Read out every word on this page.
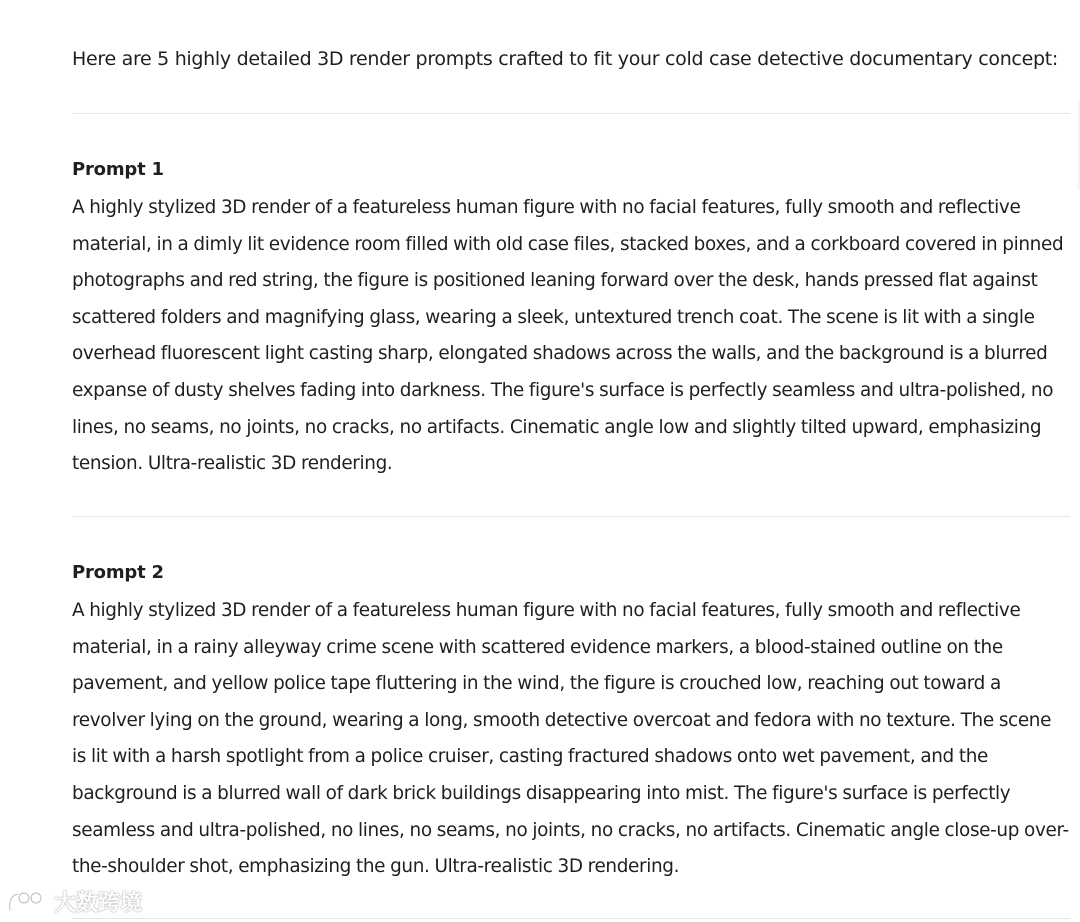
Here are 5 highly detailed 3D render prompts crafted to fit your cold case detective documentary concept:

Prompt 1

A highly stylized 3D render of a featureless human figure with no facial features, fully smooth and reflective material, in a dimly lit evidence room filled with old case files, stacked boxes, and a corkboard covered in pinned photographs and red string, the figure is positioned leaning forward over the desk, hands pressed flat against scattered folders and magnifying glass, wearing a sleek, untextured trench coat. The scene is lit with a single overhead fluorescent light casting sharp, elongated shadows across the walls, and the background is a blurred expanse of dusty shelves fading into darkness. The figure's surface is perfectly seamless and ultra-polished, no lines, no seams, no joints, no cracks, no artifacts. Cinematic angle low and slightly tilted upward, emphasizing tension. Ultra-realistic 3D rendering.

Prompt 2

A highly stylized 3D render of a featureless human figure with no facial features, fully smooth and reflective material, in a rainy alleyway crime scene with scattered evidence markers, a blood-stained outline on the pavement, and yellow police tape fluttering in the wind, the figure is crouched low, reaching out toward a revolver lying on the ground, wearing a long, smooth detective overcoat and fedora with no texture. The scene is lit with a harsh spotlight from a police cruiser, casting fractured shadows onto wet pavement, and the background is a blurred wall of dark brick buildings disappearing into mist. The figure's surface is perfectly seamless and ultra-polished, no lines, no seams, no joints, no cracks, no artifacts. Cinematic angle close-up over-the-shoulder shot, emphasizing the gun. Ultra-realistic 3D rendering.

大数跨境
